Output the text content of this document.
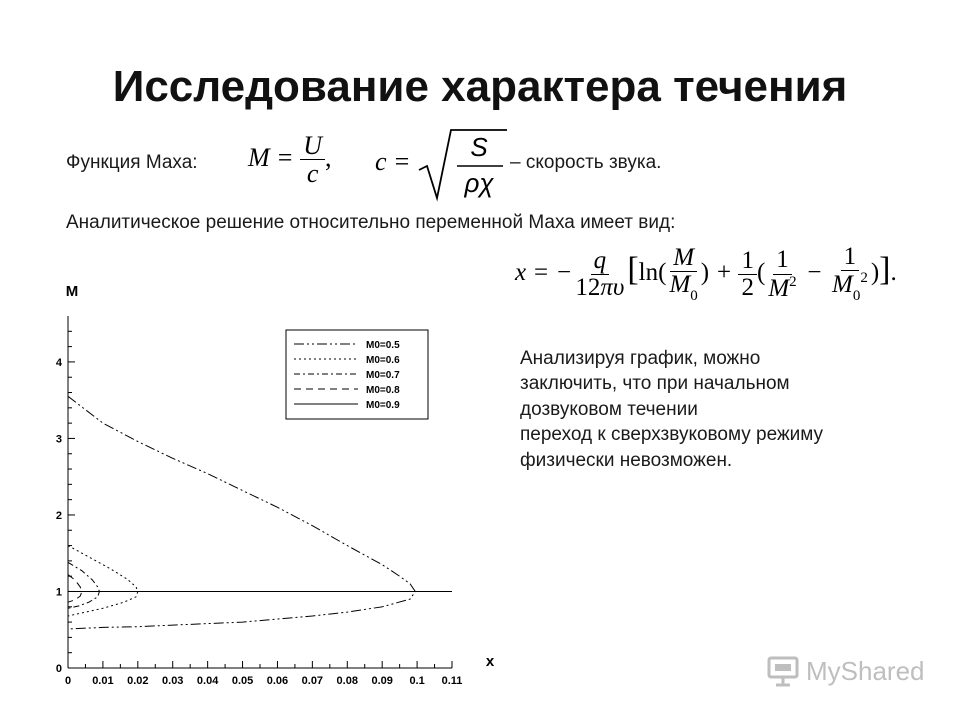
Исследование характера течения
Функция Маха: $M = \frac{U}{c}$ , c = S
ρχ
– скорость звука.
Аналитическое решение относительно переменной Маха имеет вид:
x = − $\frac{q}{12\pi\upsilon} [\ln( \frac{M}{M_0}$ ) + $\frac{1}{2}$ ( $\frac{1}{M^2} - \frac{1}{M_0^2}$ )].
M
x
0 0.01 0.02 0.03 0.04 0.05 0.06 0.07 0.08 0.09 0.1 0.11
0
1
2
3
4
M0=0.5
M0=0.6
M0=0.7
M0=0.8
M0=0.9
Анализируя график, можно
заключить, что при начальном
дозвуковом течении
переход к сверхзвуковому режиму
физически невозможен.
MyShared
